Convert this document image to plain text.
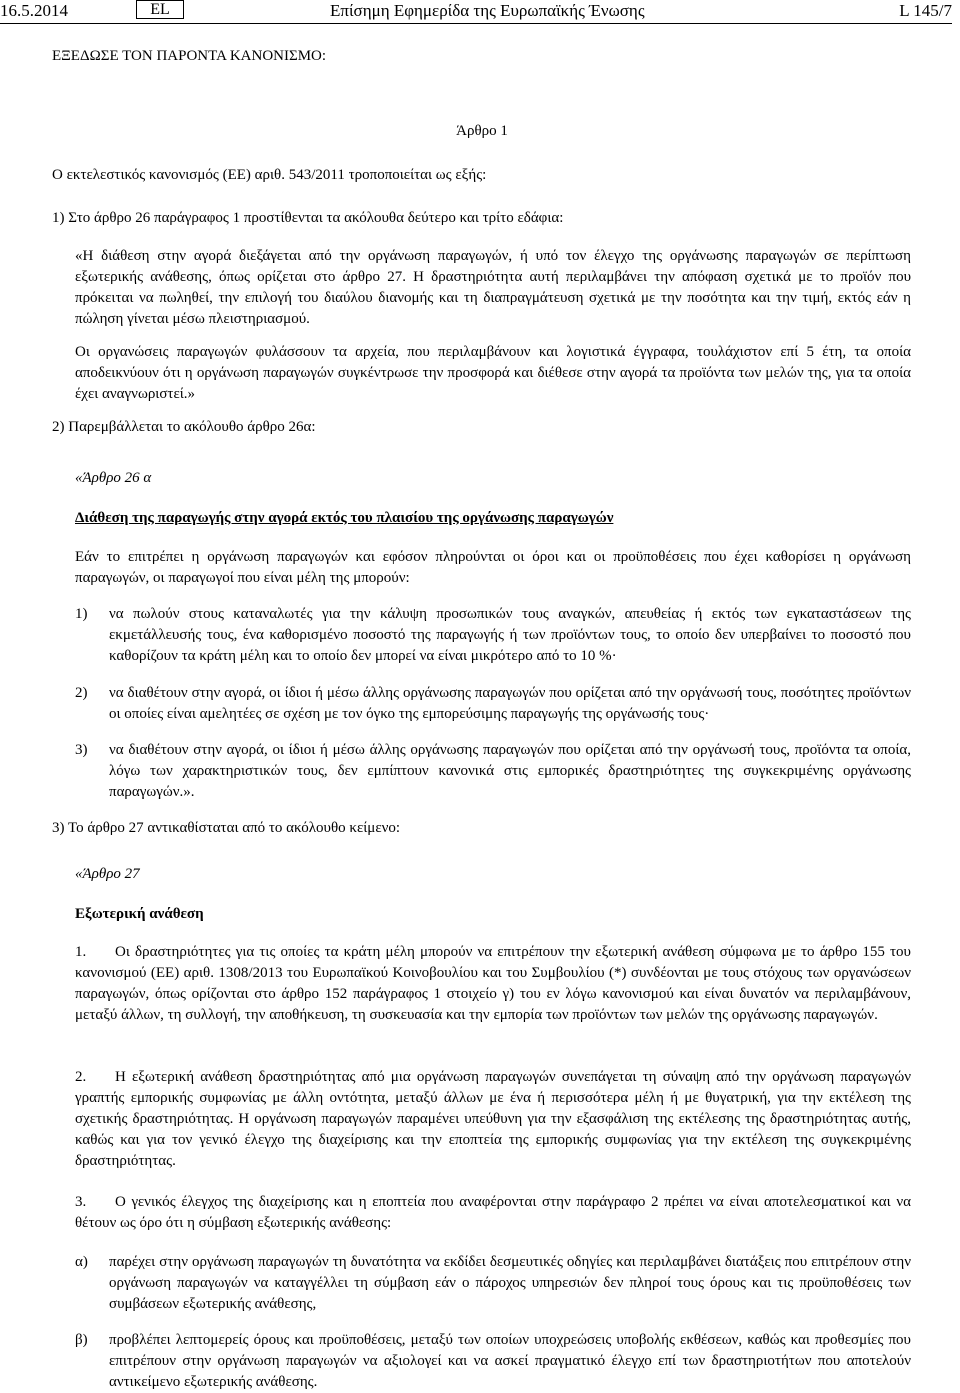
16.5.2014	EL	Επίσημη Εφημερίδα της Ευρωπαϊκής Ένωσης	L 145/7

ΕΞΕΔΩΣΕ ΤΟΝ ΠΑΡΟΝΤΑ ΚΑΝΟΝΙΣΜΟ:

Άρθρο 1

Ο εκτελεστικός κανονισμός (ΕΕ) αριθ. 543/2011 τροποποιείται ως εξής:

1) Στο άρθρο 26 παράγραφος 1 προστίθενται τα ακόλουθα δεύτερο και τρίτο εδάφια:

«Η διάθεση στην αγορά διεξάγεται από την οργάνωση παραγωγών, ή υπό τον έλεγχο της οργάνωσης παραγωγών σε περίπτωση εξωτερικής ανάθεσης, όπως ορίζεται στο άρθρο 27. Η δραστηριότητα αυτή περιλαμβάνει την απόφαση σχετικά με το προϊόν που πρόκειται να πωληθεί, την επιλογή του διαύλου διανομής και τη διαπραγμάτευση σχετικά με την ποσότητα και την τιμή, εκτός εάν η πώληση γίνεται μέσω πλειστηριασμού.

Οι οργανώσεις παραγωγών φυλάσσουν τα αρχεία, που περιλαμβάνουν και λογιστικά έγγραφα, τουλάχιστον επί 5 έτη, τα οποία αποδεικνύουν ότι η οργάνωση παραγωγών συγκέντρωσε την προσφορά και διέθεσε στην αγορά τα προϊόντα των μελών της, για τα οποία έχει αναγνωριστεί.»

2) Παρεμβάλλεται το ακόλουθο άρθρο 26α:

«Άρθρο 26 α

Διάθεση της παραγωγής στην αγορά εκτός του πλαισίου της οργάνωσης παραγωγών

Εάν το επιτρέπει η οργάνωση παραγωγών και εφόσον πληρούνται οι όροι και οι προϋποθέσεις που έχει καθορίσει η οργάνωση παραγωγών, οι παραγωγοί που είναι μέλη της μπορούν:

1)	να πωλούν στους καταναλωτές για την κάλυψη προσωπικών τους αναγκών, απευθείας ή εκτός των εγκαταστάσεων της εκμετάλλευσής τους, ένα καθορισμένο ποσοστό της παραγωγής ή των προϊόντων τους, το οποίο δεν υπερβαίνει το ποσοστό που καθορίζουν τα κράτη μέλη και το οποίο δεν μπορεί να είναι μικρότερο από το 10 %·
2)	να διαθέτουν στην αγορά, οι ίδιοι ή μέσω άλλης οργάνωσης παραγωγών που ορίζεται από την οργάνωσή τους, ποσότητες προϊόντων οι οποίες είναι αμελητέες σε σχέση με τον όγκο της εμπορεύσιμης παραγωγής της οργάνωσής τους·
3)	να διαθέτουν στην αγορά, οι ίδιοι ή μέσω άλλης οργάνωσης παραγωγών που ορίζεται από την οργάνωσή τους, προϊόντα τα οποία, λόγω των χαρακτηριστικών τους, δεν εμπίπτουν κανονικά στις εμπορικές δραστηριότητες της συγκεκριμένης οργάνωσης παραγωγών.».

3) Το άρθρο 27 αντικαθίσταται από το ακόλουθο κείμενο:

«Άρθρο 27

Εξωτερική ανάθεση

1. Οι δραστηριότητες για τις οποίες τα κράτη μέλη μπορούν να επιτρέπουν την εξωτερική ανάθεση σύμφωνα με το άρθρο 155 του κανονισμού (ΕΕ) αριθ. 1308/2013 του Ευρωπαϊκού Κοινοβουλίου και του Συμβουλίου (*) συνδέονται με τους στόχους των οργανώσεων παραγωγών, όπως ορίζονται στο άρθρο 152 παράγραφος 1 στοιχείο γ) του εν λόγω κανονισμού και είναι δυνατόν να περιλαμβάνουν, μεταξύ άλλων, τη συλλογή, την αποθήκευση, τη συσκευασία και την εμπορία των προϊόντων των μελών της οργάνωσης παραγωγών.

2. Η εξωτερική ανάθεση δραστηριότητας από μια οργάνωση παραγωγών συνεπάγεται τη σύναψη από την οργάνωση παραγωγών γραπτής εμπορικής συμφωνίας με άλλη οντότητα, μεταξύ άλλων με ένα ή περισσότερα μέλη ή με θυγατρική, για την εκτέλεση της σχετικής δραστηριότητας. Η οργάνωση παραγωγών παραμένει υπεύθυνη για την εξασφάλιση της εκτέλεσης της δραστηριότητας αυτής, καθώς και για τον γενικό έλεγχο της διαχείρισης και την εποπτεία της εμπορικής συμφωνίας για την εκτέλεση της συγκεκριμένης δραστηριότητας.

3. Ο γενικός έλεγχος της διαχείρισης και η εποπτεία που αναφέρονται στην παράγραφο 2 πρέπει να είναι αποτελεσματικοί και να θέτουν ως όρο ότι η σύμβαση εξωτερικής ανάθεσης:

α)	παρέχει στην οργάνωση παραγωγών τη δυνατότητα να εκδίδει δεσμευτικές οδηγίες και περιλαμβάνει διατάξεις που επιτρέπουν στην οργάνωση παραγωγών να καταγγέλλει τη σύμβαση εάν ο πάροχος υπηρεσιών δεν πληροί τους όρους και τις προϋποθέσεις των συμβάσεων εξωτερικής ανάθεσης,
β)	προβλέπει λεπτομερείς όρους και προϋποθέσεις, μεταξύ των οποίων υποχρεώσεις υποβολής εκθέσεων, καθώς και προθεσμίες που επιτρέπουν στην οργάνωση παραγωγών να αξιολογεί και να ασκεί πραγματικό έλεγχο επί των δραστηριοτήτων που αποτελούν αντικείμενο εξωτερικής ανάθεσης.
